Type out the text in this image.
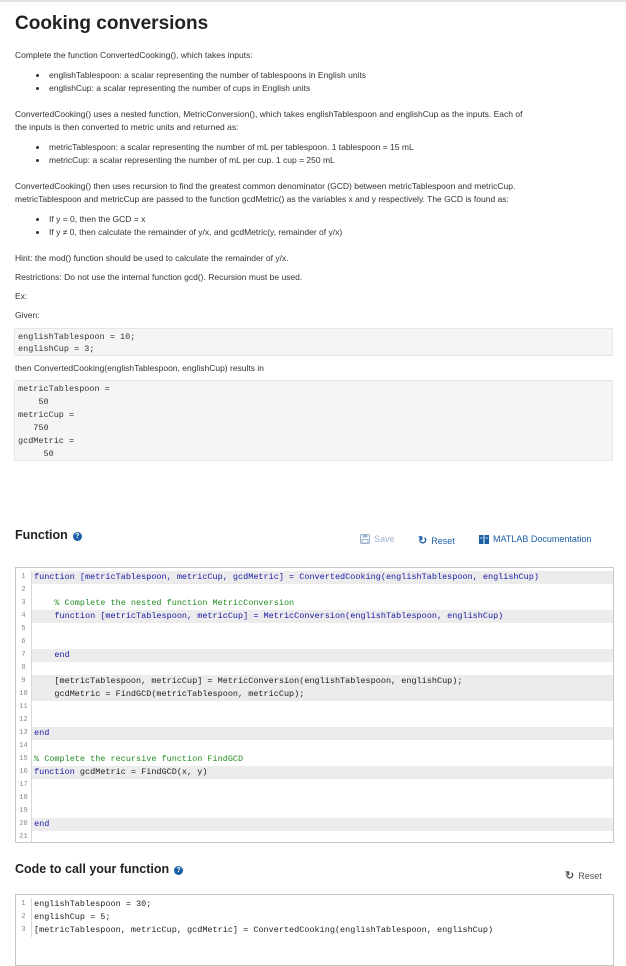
Cooking conversions
Complete the function ConvertedCooking(), which takes inputs:
englishTablespoon: a scalar representing the number of tablespoons in English units
englishCup: a scalar representing the number of cups in English units
ConvertedCooking() uses a nested function, MetricConversion(), which takes englishTablespoon and englishCup as the inputs. Each of
the inputs is then converted to metric units and returned as:
metricTablespoon: a scalar representing the number of mL per tablespoon. 1 tablespoon = 15 mL
metricCup: a scalar representing the number of mL per cup. 1 cup = 250 mL
ConvertedCooking() then uses recursion to find the greatest common denominator (GCD) between metricTablespoon and metricCup.
metricTablespoon and metricCup are passed to the function gcdMetric() as the variables x and y respectively. The GCD is found as:
If y = 0, then the GCD = x
If y ≠ 0, then calculate the remainder of y/x, and gcdMetric(y, remainder of y/x)
Hint: the mod() function should be used to calculate the remainder of y/x.
Restrictions: Do not use the internal function gcd(). Recursion must be used.
Ex:
Given:
englishTablespoon = 10;
englishCup = 3;
then ConvertedCooking(englishTablespoon, englishCup) results in
metricTablespoon =
50
metricCup =
750
gcdMetric =
50
Function ?	Save ↻ Reset	MATLAB Documentation
1 function [metricTablespoon, metricCup, gcdMetric] = ConvertedCooking(englishTablespoon, englishCup)
2
3 % Complete the nested function MetricConversion
4 function [metricTablespoon, metricCup] = MetricConversion(englishTablespoon, englishCup)
5
6
7 end
8
9 [metricTablespoon, metricCup] = MetricConversion(englishTablespoon, englishCup);
10 gcdMetric = FindGCD(metricTablespoon, metricCup);
11
12
13 end
14
15 % Complete the recursive function FindGCD
16 function gcdMetric = FindGCD(x, y)
17
18
19
20 end
21
Code to call your function ?	↻ Reset
1 englishTablespoon = 30;
2 englishCup = 5;
3 [metricTablespoon, metricCup, gcdMetric] = ConvertedCooking(englishTablespoon, englishCup)
